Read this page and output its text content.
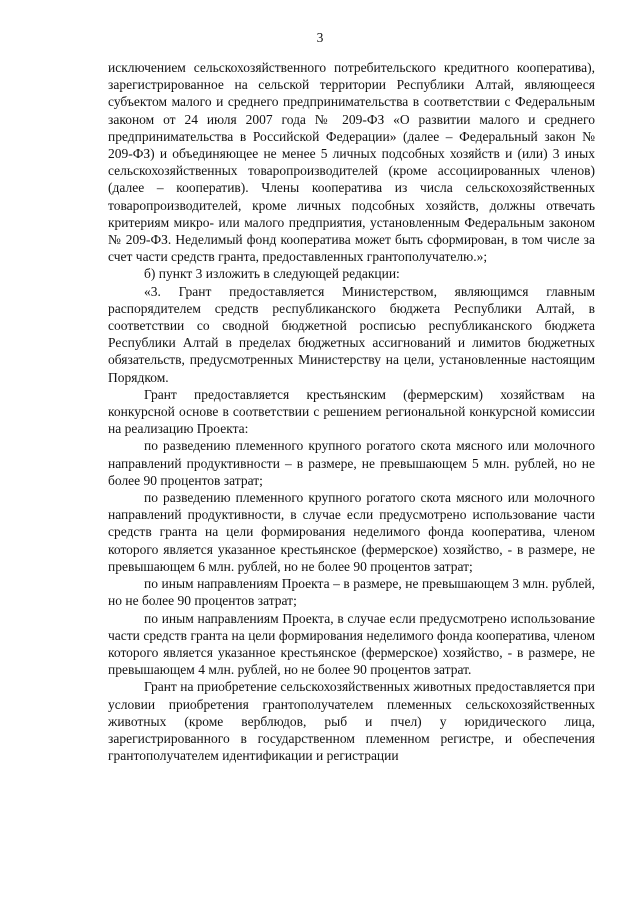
3

исключением сельскохозяйственного потребительского кредитного кооператива), зарегистрированное на сельской территории Республики Алтай, являющееся субъектом малого и среднего предпринимательства в соответствии с Федеральным законом от 24 июля 2007 года № 209-ФЗ «О развитии малого и среднего предпринимательства в Российской Федерации» (далее – Федеральный закон № 209-ФЗ) и объединяющее не менее 5 личных подсобных хозяйств и (или) 3 иных сельскохозяйственных товаропроизводителей (кроме ассоциированных членов) (далее – кооператив). Члены кооператива из числа сельскохозяйственных товаропроизводителей, кроме личных подсобных хозяйств, должны отвечать критериям микро- или малого предприятия, установленным Федеральным законом № 209-ФЗ. Неделимый фонд кооператива может быть сформирован, в том числе за счет части средств гранта, предоставленных грантополучателю.»;

б) пункт 3 изложить в следующей редакции:

«3. Грант предоставляется Министерством, являющимся главным распорядителем средств республиканского бюджета Республики Алтай, в соответствии со сводной бюджетной росписью республиканского бюджета Республики Алтай в пределах бюджетных ассигнований и лимитов бюджетных обязательств, предусмотренных Министерству на цели, установленные настоящим Порядком.

Грант предоставляется крестьянским (фермерским) хозяйствам на конкурсной основе в соответствии с решением региональной конкурсной комиссии на реализацию Проекта:

по разведению племенного крупного рогатого скота мясного или молочного направлений продуктивности – в размере, не превышающем 5 млн. рублей, но не более 90 процентов затрат;

по разведению племенного крупного рогатого скота мясного или молочного направлений продуктивности, в случае если предусмотрено использование части средств гранта на цели формирования неделимого фонда кооператива, членом которого является указанное крестьянское (фермерское) хозяйство, - в размере, не превышающем 6 млн. рублей, но не более 90 процентов затрат;

по иным направлениям Проекта – в размере, не превышающем 3 млн. рублей, но не более 90 процентов затрат;

по иным направлениям Проекта, в случае если предусмотрено использование части средств гранта на цели формирования неделимого фонда кооператива, членом которого является указанное крестьянское (фермерское) хозяйство, - в размере, не превышающем 4 млн. рублей, но не более 90 процентов затрат.

Грант на приобретение сельскохозяйственных животных предоставляется при условии приобретения грантополучателем племенных сельскохозяйственных животных (кроме верблюдов, рыб и пчел) у юридического лица, зарегистрированного в государственном племенном регистре, и обеспечения грантополучателем идентификации и регистрации
